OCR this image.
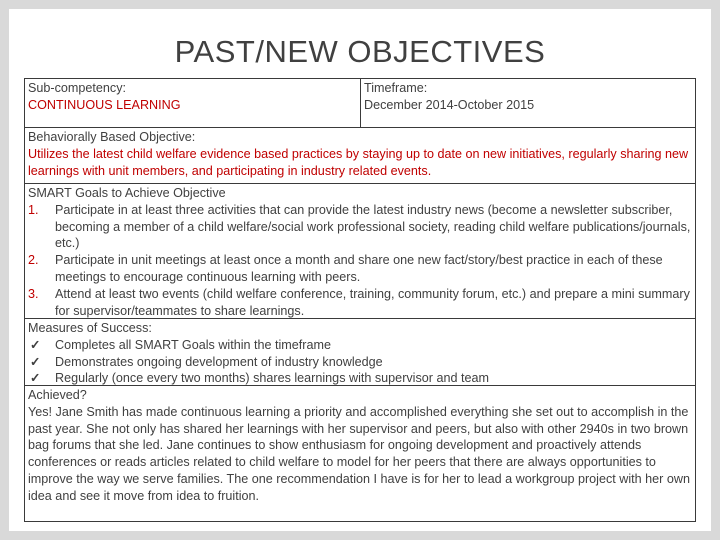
PAST/NEW OBJECTIVES
Sub-competency:
CONTINUOUS LEARNING
Timeframe:
December 2014-October 2015
Behaviorally Based Objective:
Utilizes the latest child welfare evidence based practices by staying up to date on new initiatives, regularly sharing new learnings with unit members, and participating in industry related events.
SMART Goals to Achieve Objective
1. Participate in at least three activities that can provide the latest industry news (become a newsletter subscriber, becoming a member of a child welfare/social work professional society, reading child welfare publications/journals, etc.)
2. Participate in unit meetings at least once a month and share one new fact/story/best practice in each of these meetings to encourage continuous learning with peers.
3. Attend at least two events (child welfare conference, training, community forum, etc.) and prepare a mini summary for supervisor/teammates to share learnings.
Measures of Success:
✓ Completes all SMART Goals within the timeframe
✓ Demonstrates ongoing development of industry knowledge
✓ Regularly (once every two months) shares learnings with supervisor and team
Achieved?
Yes! Jane Smith has made continuous learning a priority and accomplished everything she set out to accomplish in the past year. She not only has shared her learnings with her supervisor and peers, but also with other 2940s in two brown bag forums that she led. Jane continues to show enthusiasm for ongoing development and proactively attends conferences or reads articles related to child welfare to model for her peers that there are always opportunities to improve the way we serve families. The one recommendation I have is for her to lead a workgroup project with her own idea and see it move from idea to fruition.
